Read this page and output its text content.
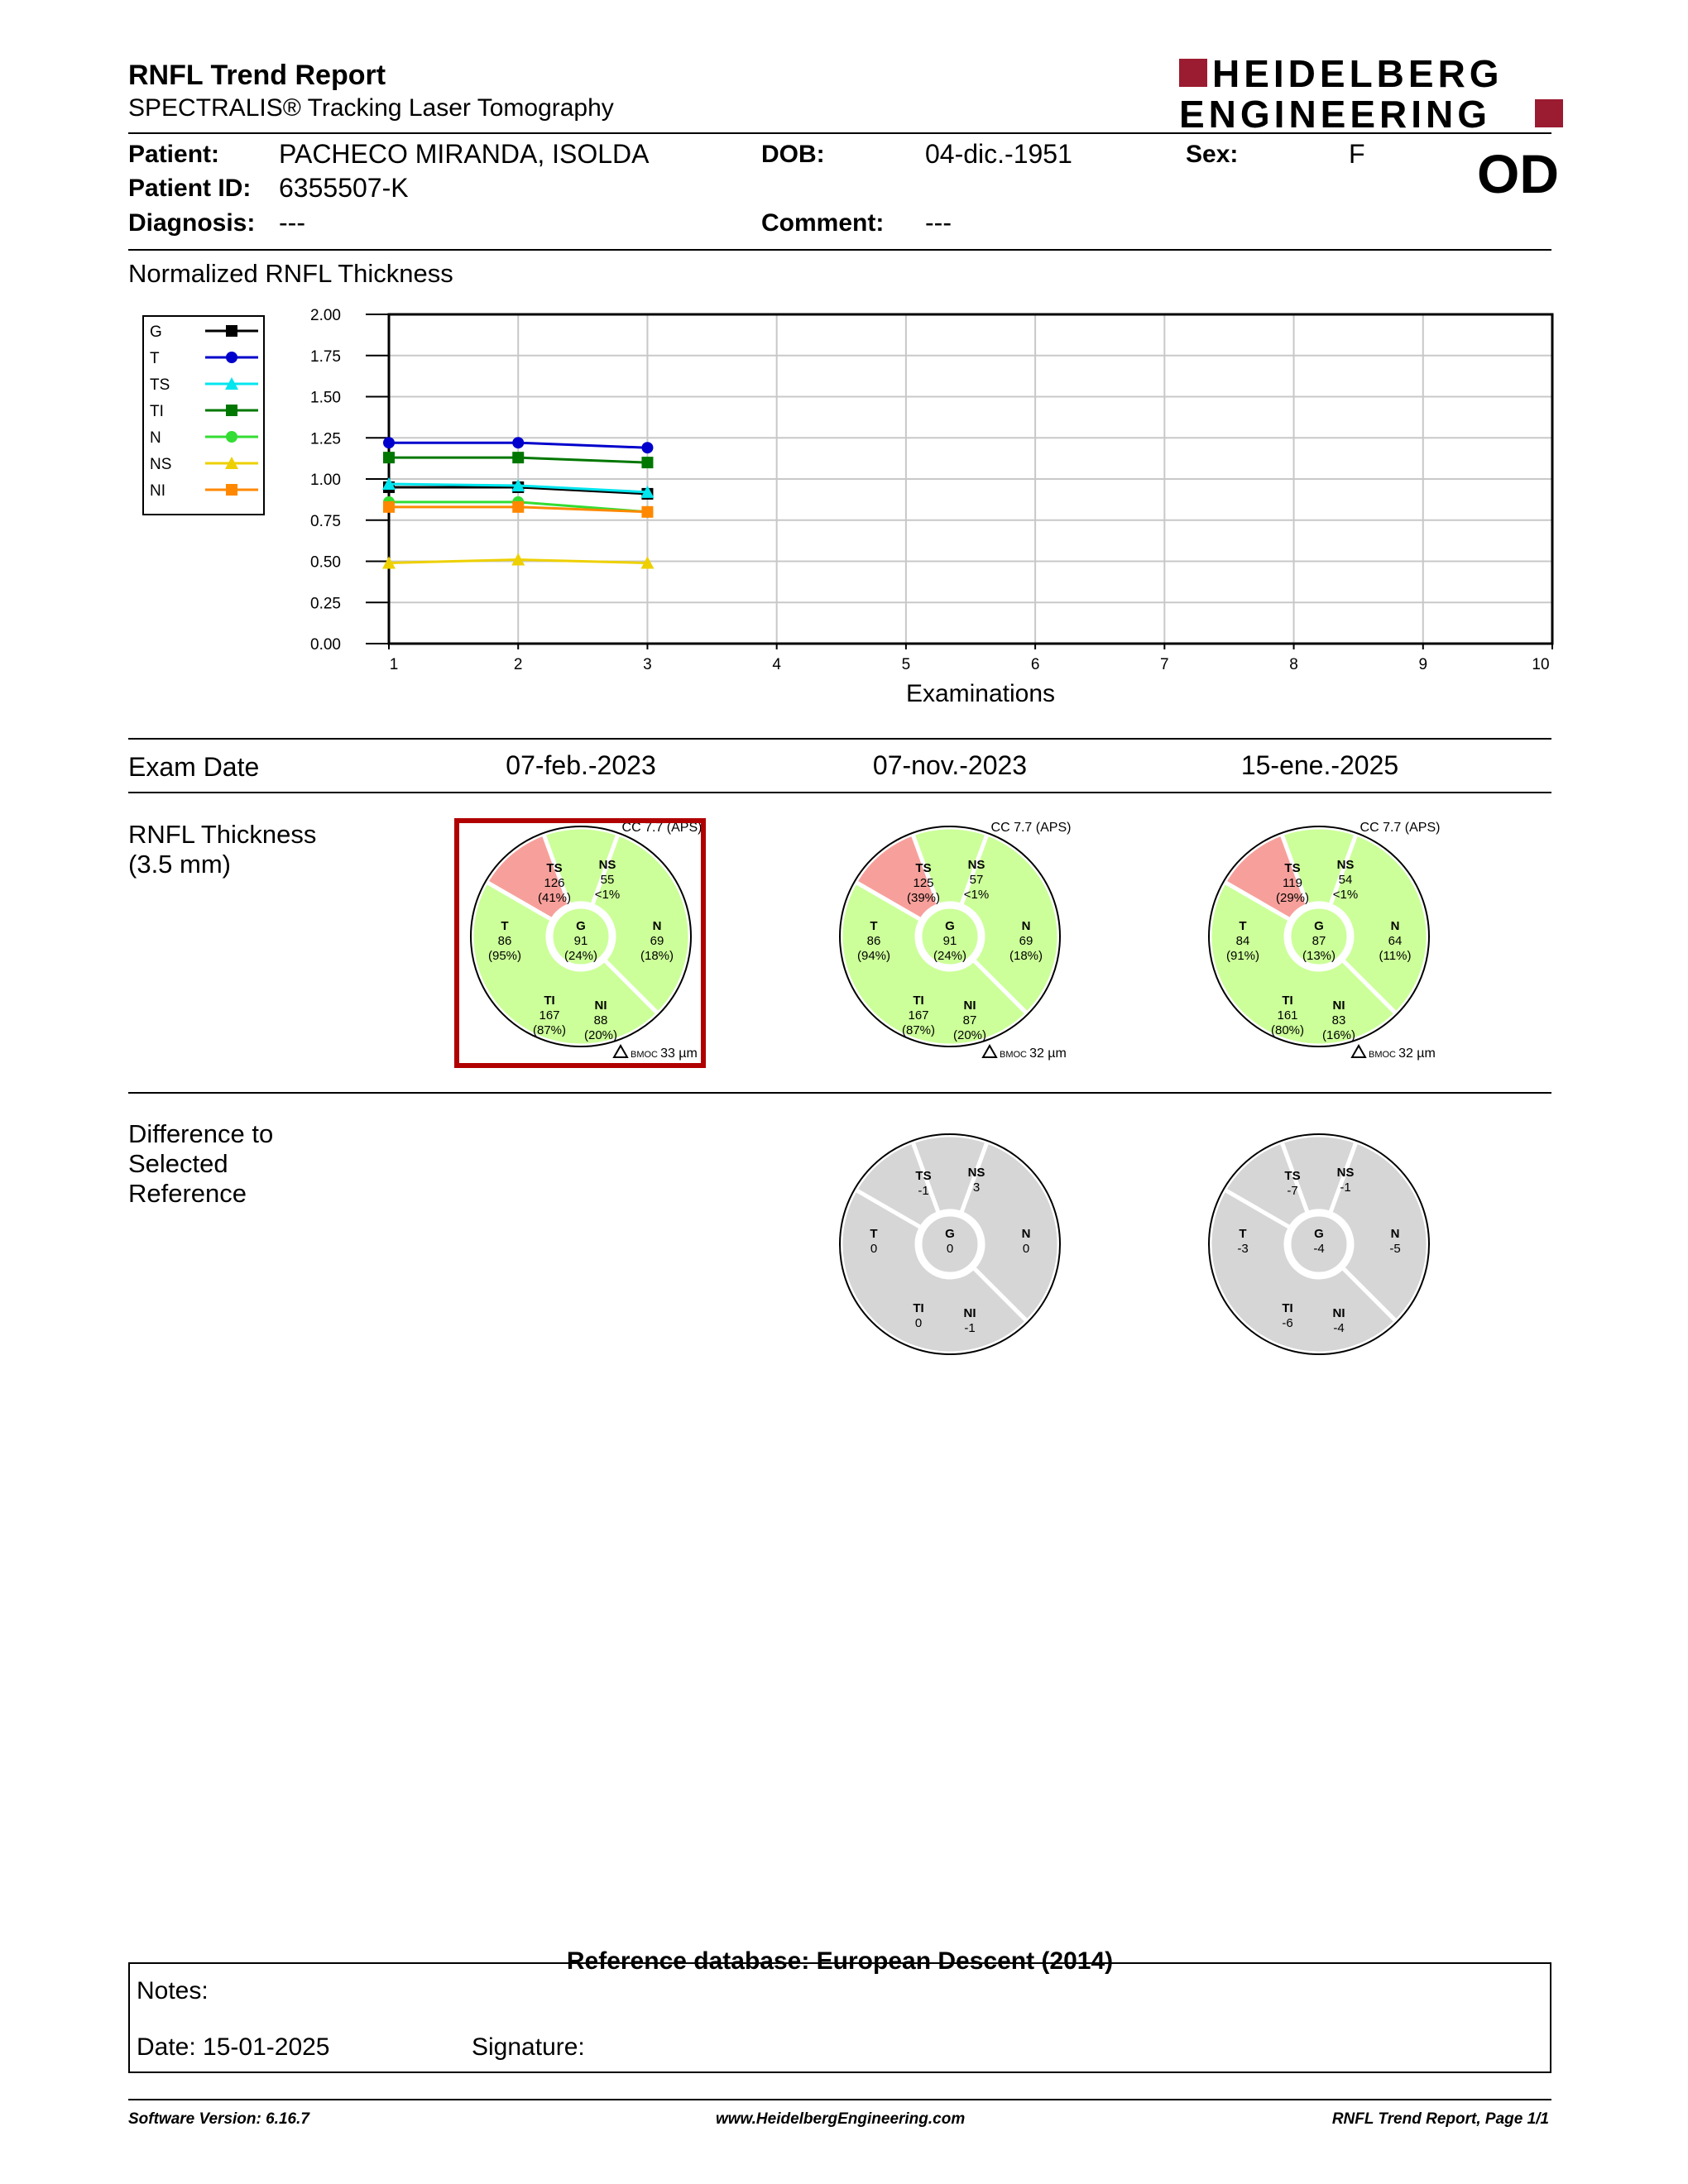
RNFL Trend Report
SPECTRALIS® Tracking Laser Tomography
HEIDELBERG
ENGINEERING
Patient: PACHECO MIRANDA, ISOLDA
Patient ID: 6355507-K
Diagnosis: ---
DOB:	04-dic.-1951
Comment: ---
Sex:	F OD
Normalized RNFL Thickness
1	2	3	4	5	6	7	8	9	10
0.00
0.25
0.50
0.75
1.00
1.25
1.50
1.75
2.00
Examinations
G
T
TS
TI
N
NS
NI
Exam Date	07-feb.-2023	07-nov.-2023	15-ene.-2025
RNFL Thickness
(3.5 mm)	TS 126 (41%)
NS 55 <1%
T 86 (95%)
G 91 (24%)
N 69 (18%)
TI 167 (87%)
NI 88 (20%)
CC 7.7 (APS)
BMOC 33 µm
TS 125 (39%)
NS 57 <1%
T 86 (94%)
G 91 (24%)
N 69 (18%)
TI 167 (87%)
NI 87 (20%)
CC 7.7 (APS)
BMOC 32 µm
TS 119 (29%)
NS 54 <1%
T 84 (91%)
G 87 (13%)
N 64 (11%)
TI 161 (80%)
NI 83 (16%)
CC 7.7 (APS)
BMOC 32 µm
Difference to
Selected
Reference
TS -1
NS 3
T 0
G 0
N 0
TI 0
NI -1
TS -7
NS -1
T -3
G -4
N -5
TI -6
NI -4
Reference database: European Descent (2014)
Notes:
Date: 15-01-2025	Signature:
Software Version: 6.16.7	www.HeidelbergEngineering.com	RNFL Trend Report, Page 1/1
